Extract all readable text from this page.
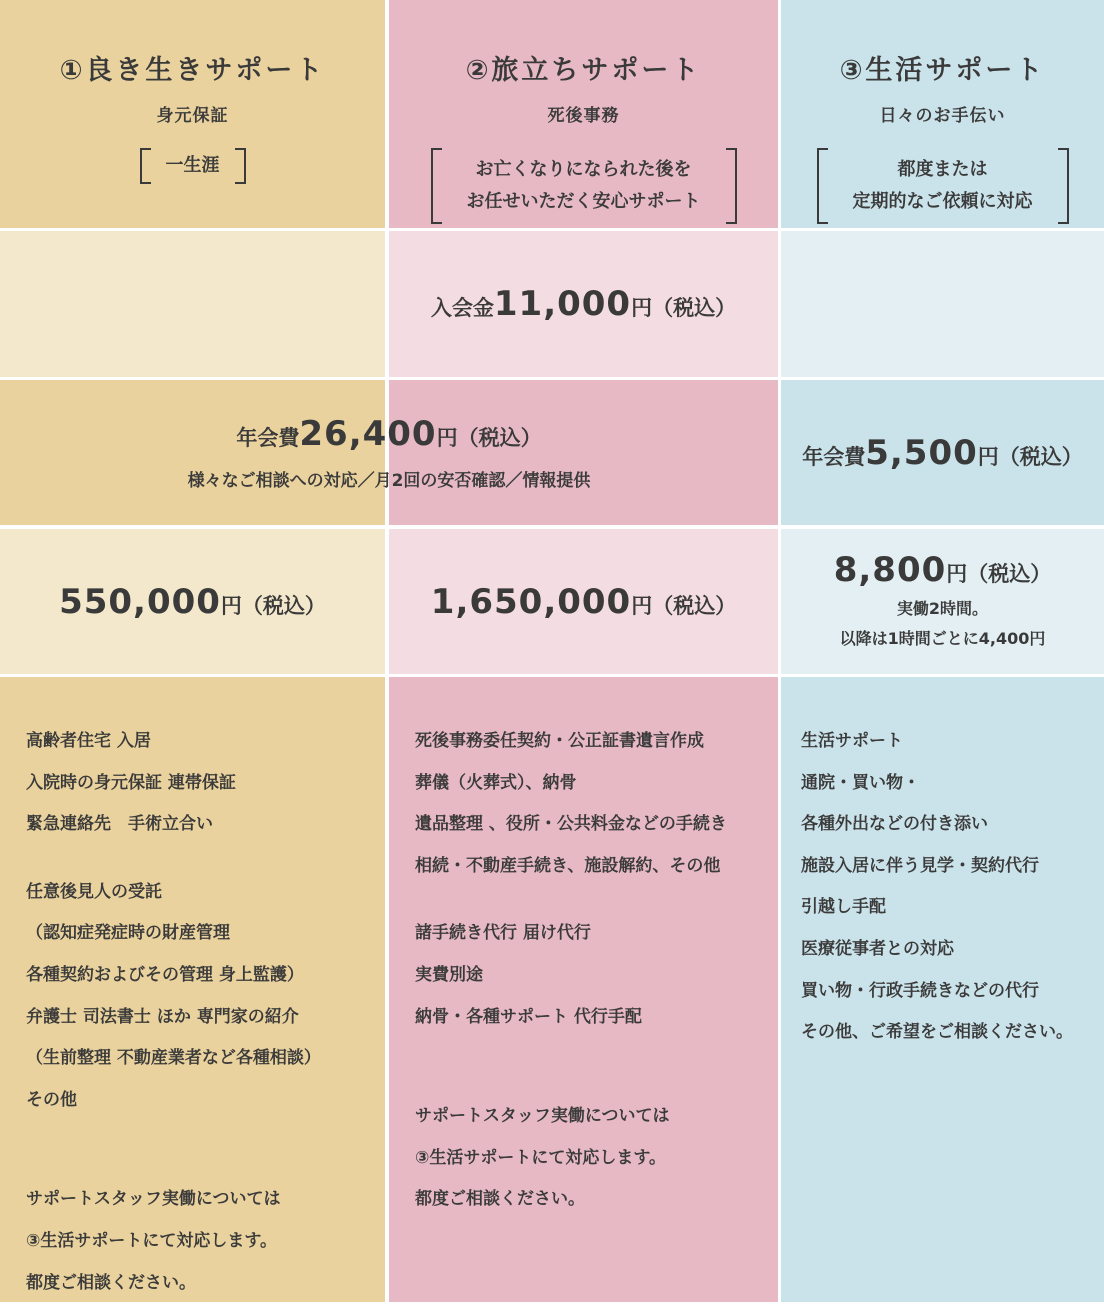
①良き生きサポート
身元保証
一生涯
②旅立ちサポート
死後事務
お亡くなりになられた後を
お任せいただく安心サポート
③生活サポート
日々のお手伝い
都度または
定期的なご依頼に対応
入会金11,000円（税込）
年会費26,400円（税込）
様々なご相談への対応／月2回の安否確認／情報提供
年会費5,500円（税込）
550,000円（税込）	1,650,000円（税込）
8,800円（税込）
実働2時間。
以降は1時間ごとに4,400円
高齢者住宅 入居
入院時の身元保証 連帯保証
緊急連絡先　手術立合い
任意後見人の受託
（認知症発症時の財産管理
各種契約およびその管理 身上監護）
弁護士 司法書士 ほか 専門家の紹介
（生前整理 不動産業者など各種相談）
その他
サポートスタッフ実働については
③生活サポートにて対応します。
都度ご相談ください。
死後事務委任契約・公正証書遺言作成
葬儀（火葬式）、納骨
遺品整理 、役所・公共料金などの手続き
相続・不動産手続き、施設解約、その他
諸手続き代行 届け代行
実費別途
納骨・各種サポート 代行手配
サポートスタッフ実働については
③生活サポートにて対応します。
都度ご相談ください。
生活サポート
通院・買い物・
各種外出などの付き添い
施設入居に伴う見学・契約代行
引越し手配
医療従事者との対応
買い物・行政手続きなどの代行
その他、ご希望をご相談ください。
